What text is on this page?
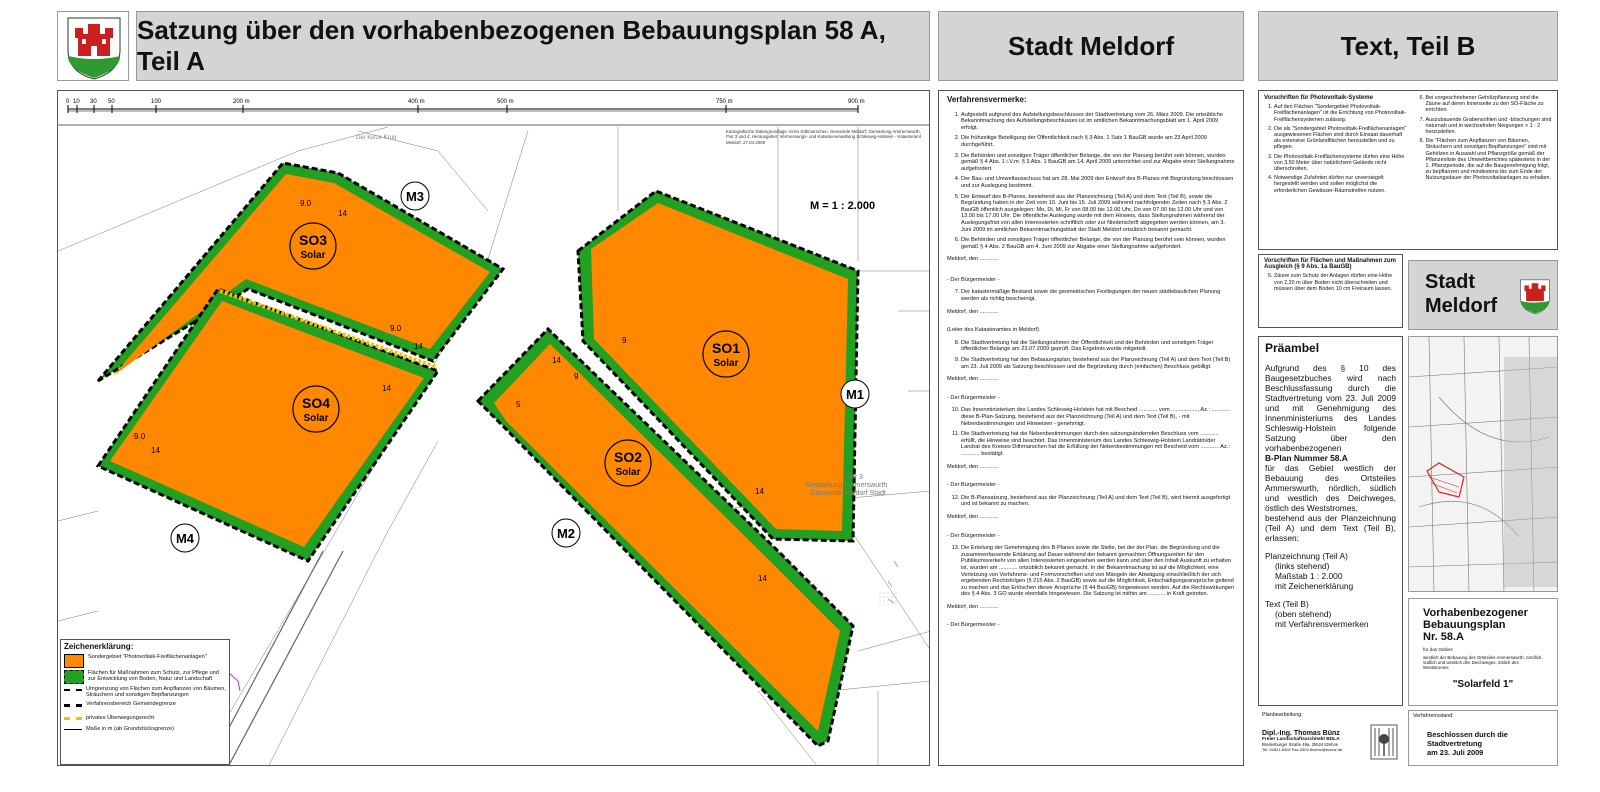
Satzung über den vorhabenbezogenen Bebauungsplan 58 A, Teil A
Stadt Meldorf	Text, Teil B
0 10 30 50	100	200 m	400 m	500 m	750 m	900 m
SO3
Solar
SO4
Solar
SO1
Solar
SO2
Solar
M3
M1
M2
M4
9.0
14
9.0
14
14
9.0
14
14
9
9
5
14
14
Der kurze Krug
M = 1 : 2.000
Flur 3
Gemarkung Ammerswurth
Gemeinde Meldorf Stadt
Kartografische Datengrundlage: Kreis Dithmarschen, Gemeinde Meldorf, Gemarkung Ammerswurth, Flur 3 und 4; Herausgeber: Vermessungs- und Katasterverwaltung Schleswig-Holstein - Katasteramt Meldorf, 27.04.2009
Zeichenerklärung:
Sondergebiet "Photovoltaik-Freiflächenanlagen"
Flächen für Maßnahmen zum Schutz, zur Pflege und zur Entwicklung von Boden, Natur und Landschaft
Umgrenzung von Flächen zum Anpflanzen von Bäumen, Sträuchern und sonstigen Bepflanzungen
Verfahrensbereich Gemeindegrenze
privates Überwegungsrecht
Maße in m (ab Grundstücksgrenze)
Verfahrensvermerke:
1. Aufgestellt aufgrund des Aufstellungsbeschlusses der Stadtvertretung vom 26. März 2009. Die ortsübliche Bekanntmachung des Aufstellungsbeschlusses ist im amtlichen Bekanntmachungsblatt am 1. April 2009 erfolgt.
2. Die frühzeitige Beteiligung der Öffentlichkeit nach § 3 Abs. 1 Satz 1 BauGB wurde am 23 April 2009 durchgeführt.
3. Die Behörden und sonstigen Träger öffentlicher Belange, die von der Planung berührt sein können, wurden gemäß § 4 Abs. 1 i.V.m. § 3 Abs. 1 BauGB am 14. April 2009 unterrichtet und zur Abgabe einer Stellungnahme aufgefordert.
4. Der Bau- und Umweltausschuss hat am 28. Mai 2009 den Entwurf des B-Planes mit Begründung beschlossen und zur Auslegung bestimmt.
5. Der Entwurf des B-Planes, bestehend aus der Planzeichnung (Teil A) und dem Text (Teil B), sowie die Begründung haben in der Zeit vom 10. Juni bis 15. Juli 2009 während nachfolgender Zeiten nach § 3 Abs. 2 BauGB öffentlich ausgelegen: Mo, Di, Mi, Fr von 08.00 bis 12.00 Uhr, Do von 07.00 bis 12.00 Uhr und von 13.00 bis 17.00 Uhr. Die öffentliche Auslegung wurde mit dem Hinweis, dass Stellungnahmen während der Auslegungsfrist von allen Interessierten schriftlich oder zur Niederschrift abgegeben werden können, am 3. Juni 2009 im amtlichen Bekanntmachungsblatt der Stadt Meldorf ortsüblich bekannt gemacht.
6. Die Behörden und sonstigen Träger öffentlicher Belange, die von der Planung berührt sein können, wurden gemäß § 4 Abs. 2 BauGB am 4. Juni 2009 zur Abgabe einer Stellungnahme aufgefordert.
Meldorf, den ............
- Der Bürgermeister -
7. Der katastermäßige Bestand sowie die geometrischen Festlegungen der neuen städtebaulichen Planung werden als richtig bescheinigt.
Meldorf, den ............
(Leiter des Katasteramtes in Meldorf)
8. Die Stadtvertretung hat die Stellungnahmen der Öffentlichkeit und der Behörden und sonstigen Träger öffentlicher Belange am 23.07.2009 geprüft. Das Ergebnis wurde mitgeteilt.
9. Die Stadtvertretung hat den Bebauungsplan, bestehend aus der Planzeichnung (Teil A) und dem Text (Teil B) am 23. Juli 2009 als Satzung beschlossen und die Begründung durch (einfachen) Beschluss gebilligt.
Meldorf, den ............
- Der Bürgermeister -
10. Das Innenministerium des Landes Schleswig-Holstein hat mit Bescheid ............ vom ................., Az.: ............ diese B-Plan-Satzung, bestehend aus der Planzeichnung (Teil A) und dem Text (Teil B), - mit Nebenbestimmungen und Hinweisen - genehmigt.
11. Die Stadtvertretung hat die Nebenbestimmungen durch den satzungsändernden Beschluss vom ............ erfüllt, die Hinweise sind beachtet. Das Innenministerium des Landes Schleswig-Holstein Landrätin/der Landrat des Kreises Dithmarschen hat die Erfüllung der Nebenbestimmungen mit Bescheid vom ............ Az.: ............ bestätigt.
Meldorf, den ............
- Der Bürgermeister -
12. Die B-Plansatzung, bestehend aus der Planzeichnung (Teil A) und dem Text (Teil B), wird hiermit ausgefertigt und ist bekannt zu machen.
Meldorf, den ............
- Der Bürgermeister -
13. Die Erteilung der Genehmigung des B-Planes sowie die Stelle, bei der der Plan, die Begründung und die zusammenfassende Erklärung auf Dauer während der bekannt gemachten Öffnungszeiten für den Publikumsverkehr von allen Interessierten eingesehen werden kann und über den Inhalt Auskunft zu erhalten ist, wurden am ............ ortsüblich bekannt gemacht. In der Bekanntmachung ist auf die Möglichkeit, eine Verletzung von Verfahrens- und Formvorschriften und von Mängeln der Abwägung einschließlich der sich ergebenden Rechtsfolgen (§ 215 Abs. 2 BauGB) sowie auf die Möglichkeit, Entschädigungsansprüche geltend zu machen und das Erlöschen dieser Ansprüche (§ 44 BauGB) hingewiesen worden. Auf die Rechtswirkungen des § 4 Abs. 3 GO wurde ebenfalls hingewiesen. Die Satzung ist mithin am ........... in Kraft getreten.
Meldorf, den ............
- Der Bürgermeister -
Vorschriften für Photovoltaik-Systeme
1. Auf den Flächen "Sondergebiet Photovoltaik-Freiflächenanlagen" ist die Errichtung von Photovoltaik-Freiflächensystemen zulässig.
2. Die als "Sondergebiet Photovoltaik-Freiflächenanlagen" ausgewiesenen Flächen sind durch Einsaat dauerhaft als extensive Grünlandflächen herzustellen und zu pflegen.
3. Die Photovoltaik-Freiflächensysteme dürfen eine Höhe von 3,50 Meter über natürlichem Gelände nicht überschreiten.
4. Notwendige Zufahrten dürfen nur unversiegelt hergestellt werden und sollen möglichst die erforderlichen Gewässer-Räumstreifen nutzen.
6. Bei vorgeschriebener Gehölzpflanzung sind die Zäune auf deren Innenseite zu den SO-Fläche zu errichten.
7. Auszubauende Grabensohlen und -böschungen sind naturnah und in wechselnden Neigungen > 1 : 2 herzustellen.
8. Die "Flächen zum Anpflanzen von Bäumen, Sträuchern und sonstigen Bepflanzungen" sind mit Gehölzen in Auswahl und Pflanzgröße gemäß der Pflanzenliste des Umweltberichtes spätestens in der 1. Pflanzperiode, die auf die Baugenehmigung folgt, zu bepflanzen und mindestens bis zum Ende der Nutzungsdauer der Photovoltaikanlagen zu erhalten.
Vorschriften für Flächen und Maßnahmen zum Ausgleich (§ 9 Abs. 1a BauGB)
5. Zäune zum Schutz der Anlagen dürfen eine Höhe von 2,20 m über Boden nicht überschreiten und müssen über dem Boden 10 cm Freiraum lassen. Stadt
Meldorf
Präambel
Aufgrund des § 10 des Baugesetzbuches wird nach Beschlussfassung durch die Stadtvertretung vom 23. Juli 2009 und mit Genehmigung des Innenministeriums des Landes Schleswig-Holstein folgende Satzung über den vorhabenbezogenen
B-Plan Nummer 58.A
für das Gebiet westlich der Bebauung des Ortsteiles Ammerswurth, nördlich, südlich und westlich des Deichweges, östlich des Weststromes,
bestehend aus der Planzeichnung (Teil A) und dem Text (Teil B), erlassen:
Planzeichnung (Teil A)
(links stehend)
Maßstab 1 : 2.000
mit Zeichenerklärung
Text (Teil B)
(oben stehend)
mit Verfahrensvermerken
Vorhabenbezogener
Bebauungsplan
Nr. 58.A
für das Gebiet:
westlich der Bebauung des Ortsteiles Ammerswurth, nördlich, südlich und westlich des Deichweges, östlich des Weststromes
"Solarfeld 1"
Planbearbeitung:
Dipl.-Ing. Thomas Bünz
Freier Landschaftsarchitekt BDLA
Breitenburger Straße 49a, 25524 Itzehoe
Tel. 04821-8302 Fax-5303 tbuenz@buenz.de
Verfahrensstand:
Beschlossen durch die
Stadtvertretung
am 23. Juli 2009
